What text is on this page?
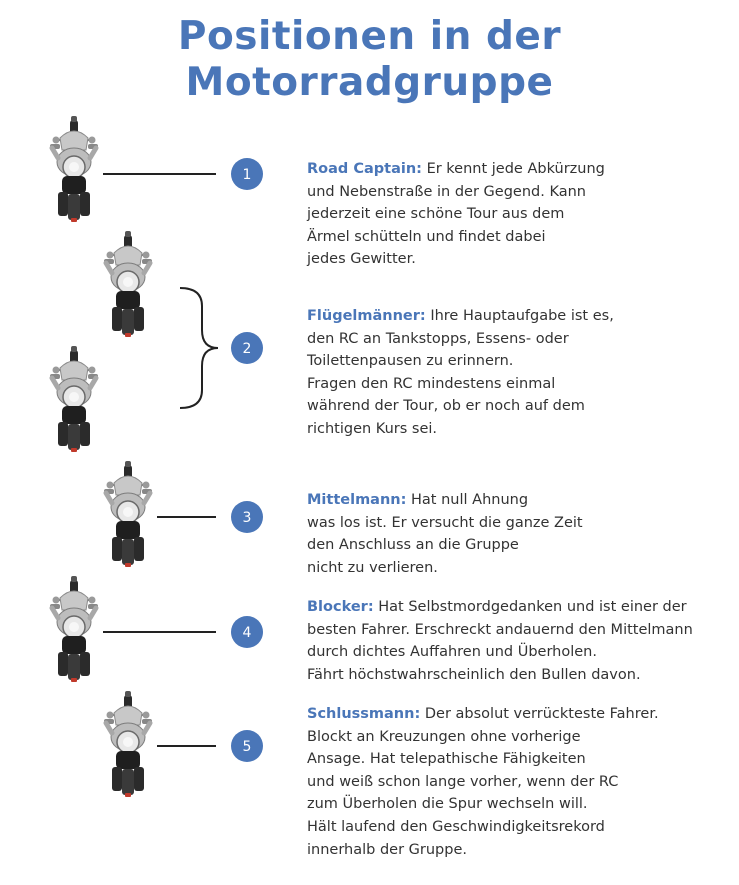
Positionen in der
Motorradgruppe
1
2
3
4
5
Road Captain: Er kennt jede Abkürzung
und Nebenstraße in der Gegend. Kann
jederzeit eine schöne Tour aus dem
Ärmel schütteln und findet dabei
jedes Gewitter.
Flügelmänner: Ihre Hauptaufgabe ist es,
den RC an Tankstopps, Essens- oder
Toilettenpausen zu erinnern.
Fragen den RC mindestens einmal
während der Tour, ob er noch auf dem
richtigen Kurs sei.
Mittelmann: Hat null Ahnung
was los ist. Er versucht die ganze Zeit
den Anschluss an die Gruppe
nicht zu verlieren.
Blocker: Hat Selbstmordgedanken und ist einer der
besten Fahrer. Erschreckt andauernd den Mittelmann
durch dichtes Auffahren und Überholen.
Fährt höchstwahrscheinlich den Bullen davon.
Schlussmann: Der absolut verrückteste Fahrer.
Blockt an Kreuzungen ohne vorherige
Ansage. Hat telepathische Fähigkeiten
und weiß schon lange vorher, wenn der RC
zum Überholen die Spur wechseln will.
Hält laufend den Geschwindigkeitsrekord
innerhalb der Gruppe.
